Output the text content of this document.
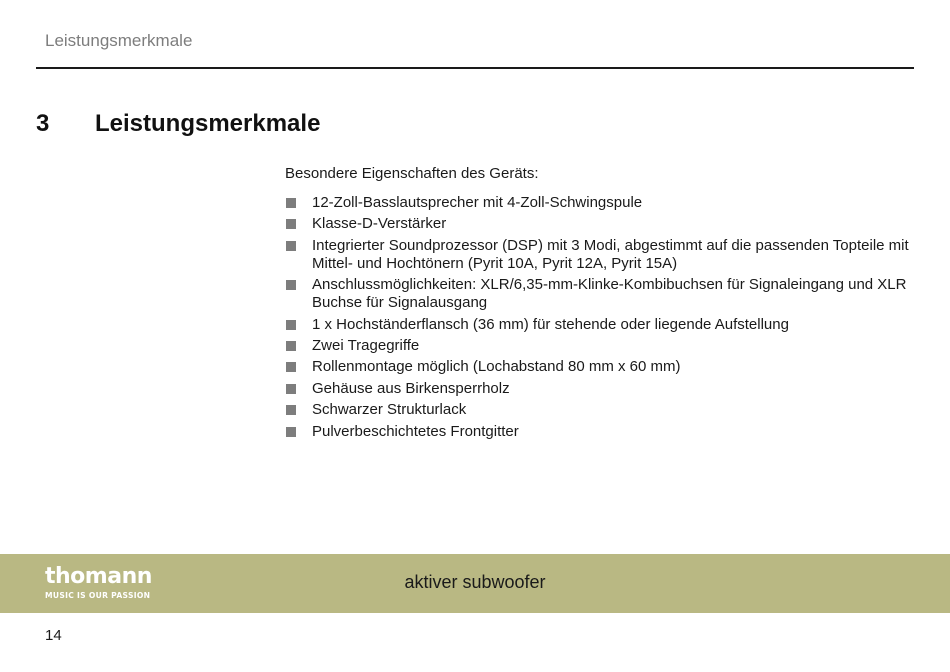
Leistungsmerkmale
3	Leistungsmerkmale

Besondere Eigenschaften des Geräts:

12-Zoll-Basslautsprecher mit 4-Zoll-Schwingspule
Klasse-D-Verstärker
Integrierter Soundprozessor (DSP) mit 3 Modi, abgestimmt auf die passenden Topteile mit Mittel- und Hochtönern (Pyrit 10A, Pyrit 12A, Pyrit 15A)
Anschlussmöglichkeiten: XLR/6,35-mm-Klinke-Kombibuchsen für Signaleingang und XLR Buchse für Signalausgang
1 x Hochständerflansch (36 mm) für stehende oder liegende Aufstellung
Zwei Tragegriffe
Rollenmontage möglich (Lochabstand 80 mm x 60 mm)
Gehäuse aus Birkensperrholz
Schwarzer Strukturlack
Pulverbeschichtetes Frontgitter
thomann
MUSIC IS OUR PASSION
aktiver subwoofer
14
